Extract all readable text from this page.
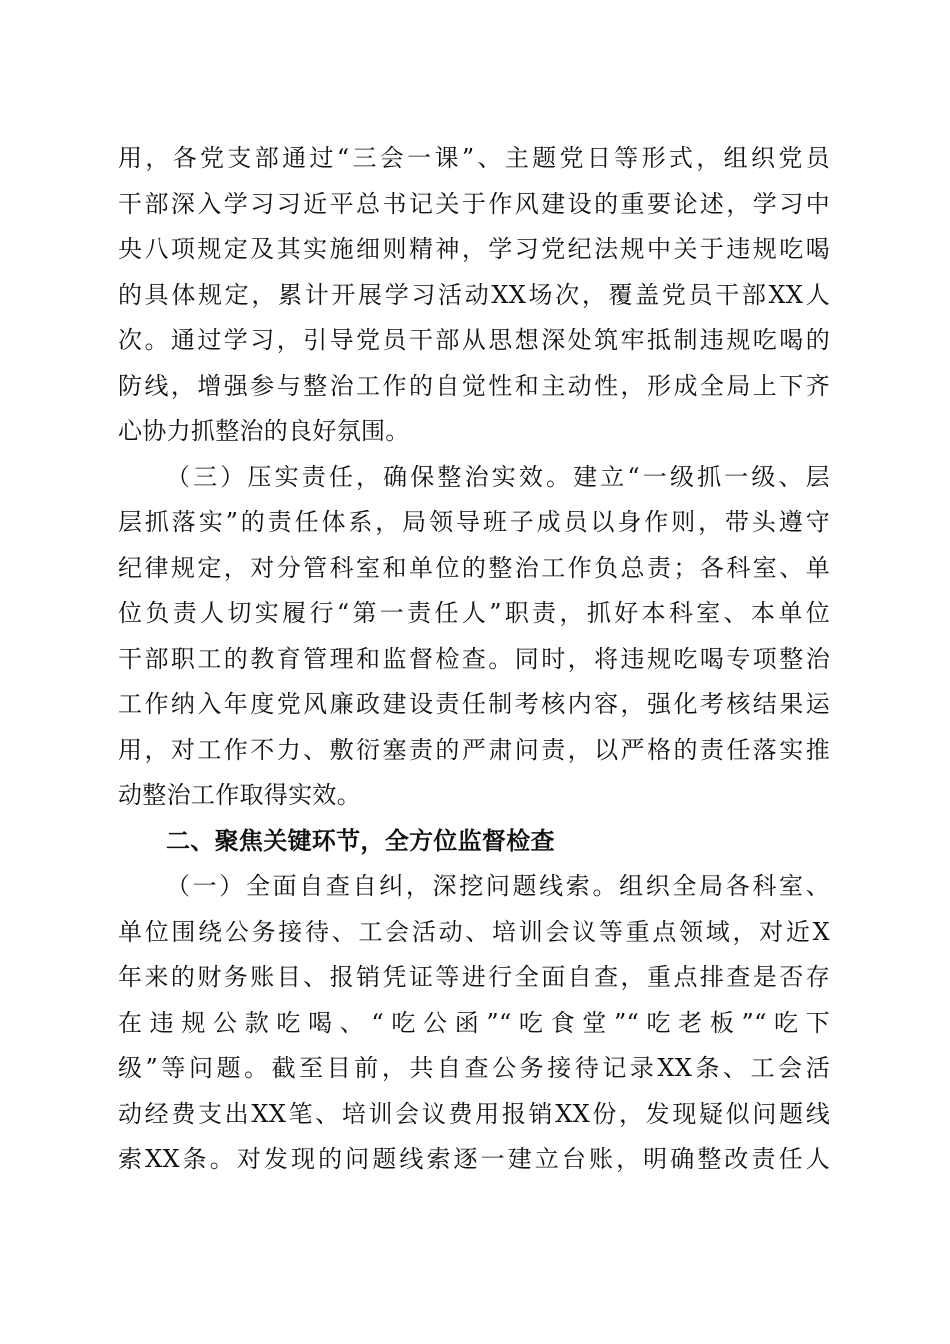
用，各党支部通过“三会一课”、主题党日等形式，组织党员
干部深入学习习近平总书记关于作风建设的重要论述，学习中
央八项规定及其实施细则精神，学习党纪法规中关于违规吃喝
的具体规定，累计开展学习活动XX场次，覆盖党员干部XX人
次。通过学习，引导党员干部从思想深处筑牢抵制违规吃喝的
防线，增强参与整治工作的自觉性和主动性，形成全局上下齐
心协力抓整治的良好氛围。
（三）压实责任，确保整治实效。建立“一级抓一级、层
层抓落实”的责任体系，局领导班子成员以身作则，带头遵守
纪律规定，对分管科室和单位的整治工作负总责；各科室、单
位负责人切实履行“第一责任人”职责，抓好本科室、本单位
干部职工的教育管理和监督检查。同时，将违规吃喝专项整治
工作纳入年度党风廉政建设责任制考核内容，强化考核结果运
用，对工作不力、敷衍塞责的严肃问责，以严格的责任落实推
动整治工作取得实效。
二、聚焦关键环节，全方位监督检查
（一）全面自查自纠，深挖问题线索。组织全局各科室、
单位围绕公务接待、工会活动、培训会议等重点领域，对近X
年来的财务账目、报销凭证等进行全面自查，重点排查是否存
在违规公款吃喝、“吃公函”“吃食堂”“吃老板”“吃下
级”等问题。截至目前，共自查公务接待记录XX条、工会活
动经费支出XX笔、培训会议费用报销XX份，发现疑似问题线
索XX条。对发现的问题线索逐一建立台账，明确整改责任人
